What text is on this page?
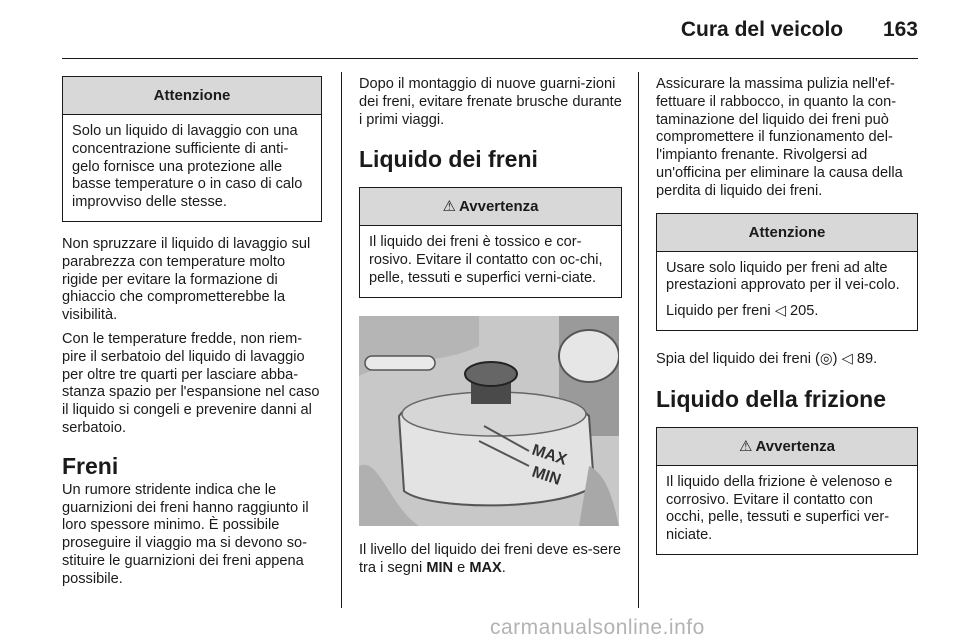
Cura del veicolo 163
Attenzione

Solo un liquido di lavaggio con una concentrazione sufficiente di anti-gelo fornisce una protezione alle basse temperature o in caso di calo improvviso delle stesse.

Non spruzzare il liquido di lavaggio sul parabrezza con temperature molto rigide per evitare la formazione di ghiaccio che comprometterebbe la visibilità.

Con le temperature fredde, non riem-pire il serbatoio del liquido di lavaggio per oltre tre quarti per lasciare abba-stanza spazio per l'espansione nel caso il liquido si congeli e prevenire danni al serbatoio.

Freni

Un rumore stridente indica che le guarnizioni dei freni hanno raggiunto il loro spessore minimo. È possibile proseguire il viaggio ma si devono so-stituire le guarnizioni dei freni appena possibile.

Dopo il montaggio di nuove guarni-zioni dei freni, evitare frenate brusche durante i primi viaggi.

Liquido dei freni
⚠ Avvertenza

Il liquido dei freni è tossico e cor-rosivo. Evitare il contatto con oc-chi, pelle, tessuti e superfici verni-ciate.

MAX
MIN

Il livello del liquido dei freni deve es-sere tra i segni MIN e MAX.

Assicurare la massima pulizia nell'ef-fettuare il rabbocco, in quanto la con-taminazione del liquido dei freni può compromettere il funzionamento del-l'impianto frenante. Rivolgersi ad un'officina per eliminare la causa della perdita di liquido dei freni.

Attenzione

Usare solo liquido per freni ad alte prestazioni approvato per il vei-colo.

Liquido per freni ◁ 205.

Spia del liquido dei freni (◎) ◁ 89.

Liquido della frizione
⚠ Avvertenza

Il liquido della frizione è velenoso e corrosivo. Evitare il contatto con occhi, pelle, tessuti e superfici ver-niciate.

carmanualsonline.info
